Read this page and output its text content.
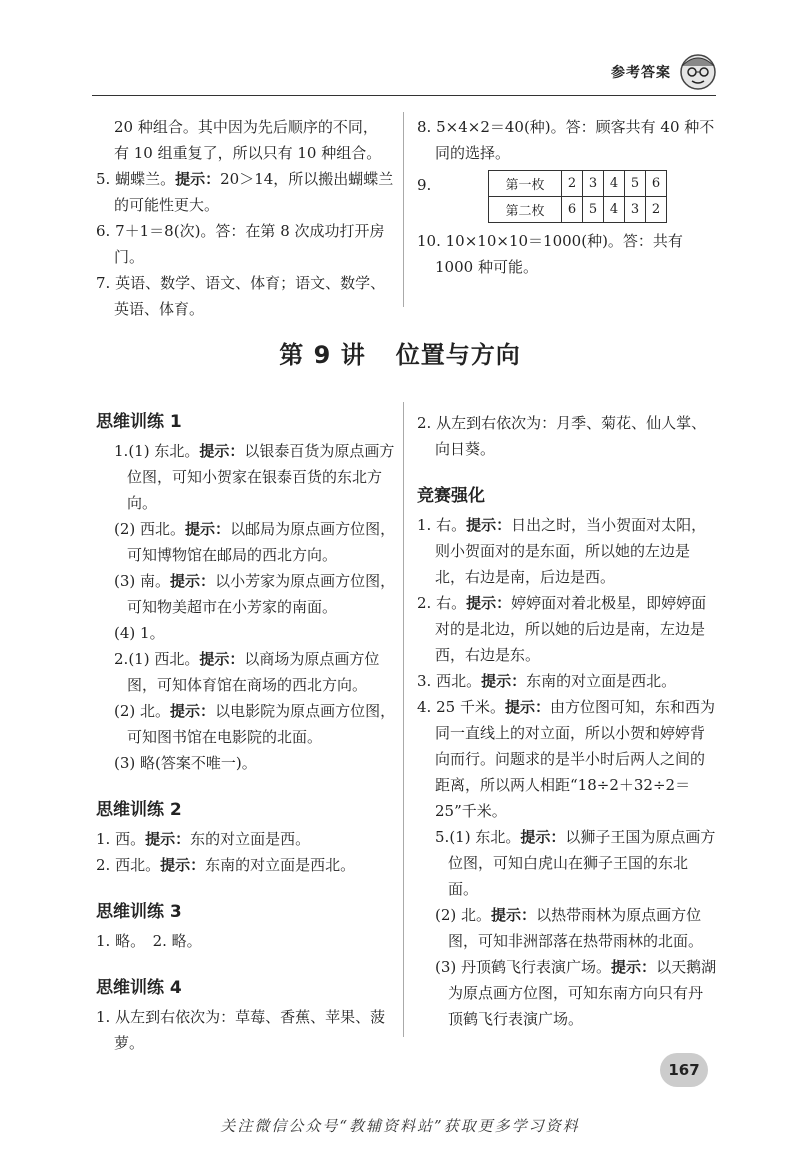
参考答案

20 种组合。其中因为先后顺序的不同，

有 10 组重复了，所以只有 10 种组合。

5. 蝴蝶兰。提示：20＞14，所以搬出蝴蝶兰的可能性更大。

6. 7＋1＝8(次)。答：在第 8 次成功打开房门。

7. 英语、数学、语文、体育；语文、数学、英语、体育。

8. 5×4×2＝40(种)。答：顾客共有 40 种不同的选择。

9.

10. 10×10×10＝1000(种)。答：共有 1000 种可能。

第一枚	2	3	4	5	6
第二枚	6	5	4	3	2
第 9 讲 位置与方向

思维训练 1

1.(1) 东北。提示：以银泰百货为原点画方位图，可知小贺家在银泰百货的东北方向。

(2) 西北。提示：以邮局为原点画方位图，可知博物馆在邮局的西北方向。

(3) 南。提示：以小芳家为原点画方位图，可知物美超市在小芳家的南面。

(4) 1。

2.(1) 西北。提示：以商场为原点画方位图，可知体育馆在商场的西北方向。

(2) 北。提示：以电影院为原点画方位图，可知图书馆在电影院的北面。

(3) 略(答案不唯一)。

思维训练 2

1. 西。提示：东的对立面是西。

2. 西北。提示：东南的对立面是西北。

思维训练 3

1. 略。　2. 略。

思维训练 4

1. 从左到右依次为：草莓、香蕉、苹果、菠萝。

2. 从左到右依次为：月季、菊花、仙人掌、向日葵。

竞赛强化

1. 右。提示：日出之时，当小贺面对太阳，则小贺面对的是东面，所以她的左边是北，右边是南，后边是西。

2. 右。提示：婷婷面对着北极星，即婷婷面对的是北边，所以她的后边是南，左边是西，右边是东。

3. 西北。提示：东南的对立面是西北。

4. 25 千米。提示：由方位图可知，东和西为同一直线上的对立面，所以小贺和婷婷背向而行。问题求的是半小时后两人之间的距离，所以两人相距“18÷2＋32÷2＝25”千米。

5.(1) 东北。提示：以狮子王国为原点画方位图，可知白虎山在狮子王国的东北面。

(2) 北。提示：以热带雨林为原点画方位图，可知非洲部落在热带雨林的北面。

(3) 丹顶鹤飞行表演广场。提示：以天鹅湖为原点画方位图，可知东南方向只有丹顶鹤飞行表演广场。

167
关注微信公众号“教辅资料站”获取更多学习资料
